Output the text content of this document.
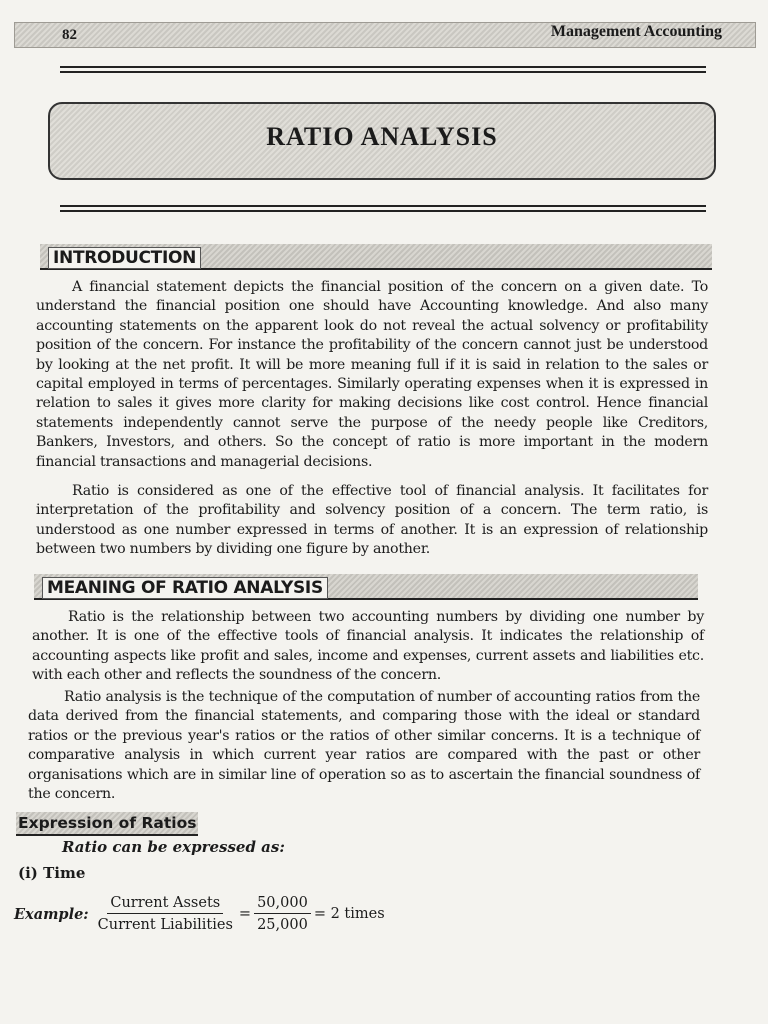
82	Management Accounting
RATIO ANALYSIS
INTRODUCTION

A financial statement depicts the financial position of the concern on a given date. To understand the financial position one should have Accounting knowledge. And also many accounting statements on the apparent look do not reveal the actual solvency or profitability position of the concern. For instance the profitability of the concern cannot just be understood by looking at the net profit. It will be more meaning full if it is said in relation to the sales or capital employed in terms of percentages. Similarly operating expenses when it is expressed in relation to sales it gives more clarity for making decisions like cost control. Hence financial statements independently cannot serve the purpose of the needy people like Creditors, Bankers, Investors, and others. So the concept of ratio is more important in the modern financial transactions and managerial decisions.

Ratio is considered as one of the effective tool of financial analysis. It facilitates for interpretation of the profitability and solvency position of a concern. The term ratio, is understood as one number expressed in terms of another. It is an expression of relationship between two numbers by dividing one figure by another.

MEANING OF RATIO ANALYSIS

Ratio is the relationship between two accounting numbers by dividing one number by another. It is one of the effective tools of financial analysis. It indicates the relationship of accounting aspects like profit and sales, income and expenses, current assets and liabilities etc. with each other and reflects the soundness of the concern.

Ratio analysis is the technique of the computation of number of accounting ratios from the data derived from the financial statements, and comparing those with the ideal or standard ratios or the previous year's ratios or the ratios of other similar concerns. It is a technique of comparative analysis in which current year ratios are compared with the past or other organisations which are in similar line of operation so as to ascertain the financial soundness of the concern.

Expression of Ratios
Ratio can be expressed as:
(i) Time
Example: $\frac{\text{Current Assets}}{\text{Current Liabilities}} = \frac{50,000}{25,000} = 2$ times
